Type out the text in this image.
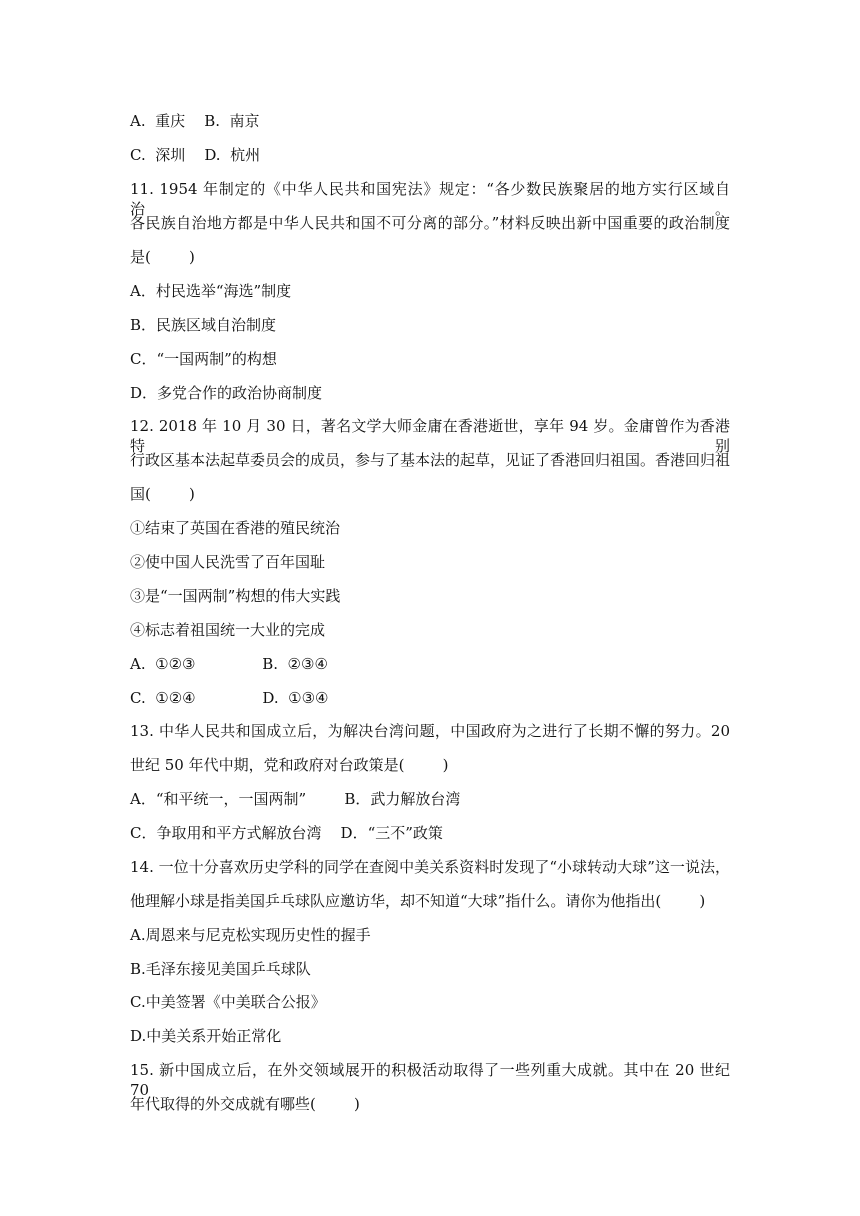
A.  重庆    B.  南京
C.  深圳    D.  杭州
11. 1954 年制定的《中华人民共和国宪法》规定：“各少数民族聚居的地方实行区域自治。
各民族自治地方都是中华人民共和国不可分离的部分。”材料反映出新中国重要的政治制度
是(        )
A．村民选举“海选”制度
B．民族区域自治制度
C．“一国两制”的构想
D．多党合作的政治协商制度
12. 2018 年 10 月 30 日，著名文学大师金庸在香港逝世，享年 94 岁。金庸曾作为香港特别
行政区基本法起草委员会的成员，参与了基本法的起草，见证了香港回归祖国。香港回归祖
国(        )
①结束了英国在香港的殖民统治
②使中国人民洗雪了百年国耻
③是“一国两制”构想的伟大实践
④标志着祖国统一大业的完成
A.  ①②③              B.  ②③④
C.  ①②④              D.  ①③④
13. 中华人民共和国成立后，为解决台湾问题，中国政府为之进行了长期不懈的努力。20
世纪 50 年代中期，党和政府对台政策是(        )
A．“和平统一，一国两制”        B．武力解放台湾
C．争取用和平方式解放台湾    D．“三不”政策
14. 一位十分喜欢历史学科的同学在查阅中美关系资料时发现了“小球转动大球”这一说法，
他理解小球是指美国乒乓球队应邀访华，却不知道“大球”指什么。请你为他指出(        )
A.周恩来与尼克松实现历史性的握手
B.毛泽东接见美国乒乓球队
C.中美签署《中美联合公报》
D.中美关系开始正常化
15. 新中国成立后，在外交领域展开的积极活动取得了一些列重大成就。其中在 20 世纪 70
年代取得的外交成就有哪些(        )
